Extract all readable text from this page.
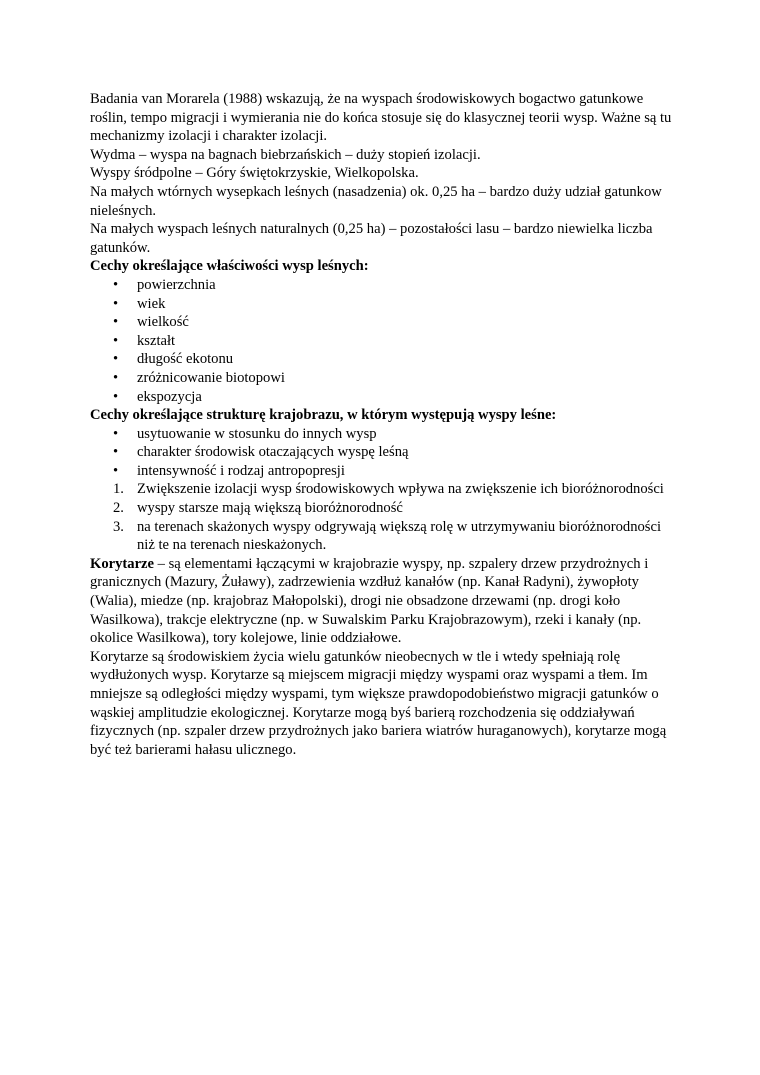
Badania van Morarela (1988) wskazują, że na wyspach środowiskowych bogactwo gatunkowe roślin, tempo migracji i wymierania nie do końca stosuje się do klasycznej teorii wysp. Ważne są tu mechanizmy izolacji i charakter izolacji.

Wydma – wyspa na bagnach biebrzańskich – duży stopień izolacji.

Wyspy śródpolne – Góry świętokrzyskie, Wielkopolska.

Na małych wtórnych wysepkach leśnych (nasadzenia) ok. 0,25 ha – bardzo duży udział gatunkow nieleśnych.

Na małych wyspach leśnych naturalnych (0,25 ha) – pozostałości lasu – bardzo niewielka liczba gatunków.

Cechy określające właściwości wysp leśnych:

• powierzchnia
• wiek
• wielkość
• kształt
• długość ekotonu
• zróżnicowanie biotopowi
• ekspozycja

Cechy określające strukturę krajobrazu, w którym występują wyspy leśne:

• usytuowanie w stosunku do innych wysp
• charakter środowisk otaczających wyspę leśną
• intensywność i rodzaj antropopresji
1. Zwiększenie izolacji wysp środowiskowych wpływa na zwiększenie ich bioróżnorodności
2. wyspy starsze mają większą bioróżnorodność
3. na terenach skażonych wyspy odgrywają większą rolę w utrzymywaniu bioróżnorodności niż te na terenach nieskażonych.

Korytarze – są elementami łączącymi w krajobrazie wyspy, np. szpalery drzew przydrożnych i granicznych (Mazury, Żuławy), zadrzewienia wzdłuż kanałów (np. Kanał Radyni), żywopłoty (Walia), miedze (np. krajobraz Małopolski), drogi nie obsadzone drzewami (np. drogi koło Wasilkowa), trakcje elektryczne (np. w Suwalskim Parku Krajobrazowym), rzeki i kanały (np. okolice Wasilkowa), tory kolejowe, linie oddziałowe.

Korytarze są środowiskiem życia wielu gatunków nieobecnych w tle i wtedy spełniają rolę wydłużonych wysp. Korytarze są miejscem migracji między wyspami oraz wyspami a tłem. Im mniejsze są odległości między wyspami, tym większe prawdopodobieństwo migracji gatunków o wąskiej amplitudzie ekologicznej. Korytarze mogą byś barierą rozchodzenia się oddziaływań fizycznych (np. szpaler drzew przydrożnych jako bariera wiatrów huraganowych), korytarze mogą być też barierami hałasu ulicznego.
